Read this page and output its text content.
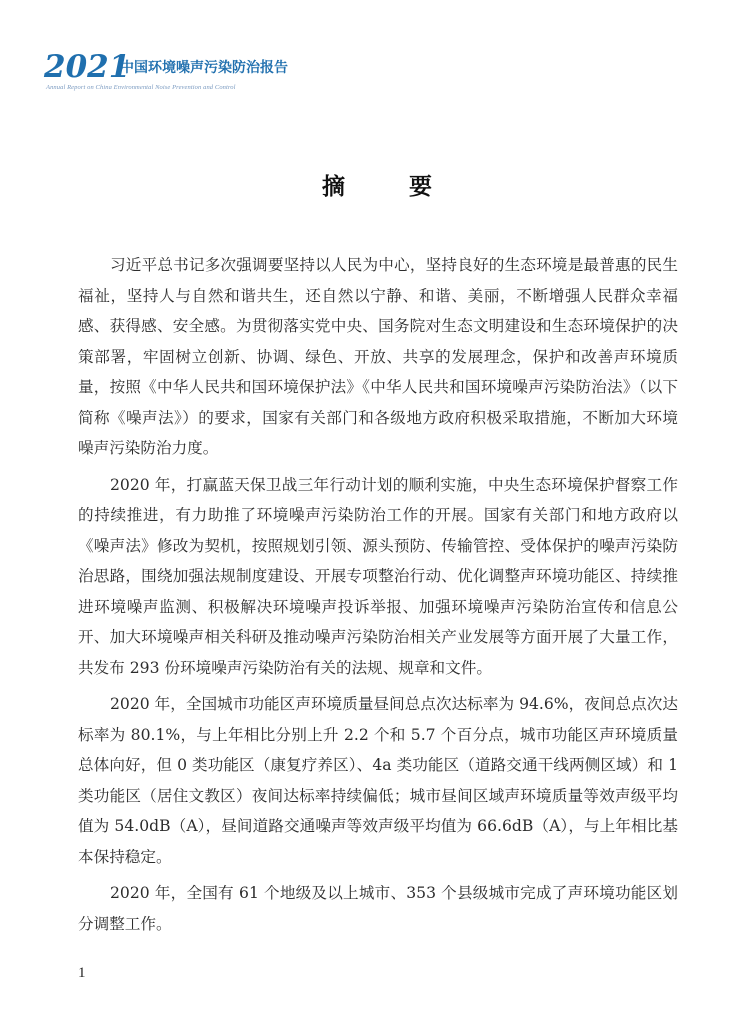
2021
中国环境噪声污染防治报告
Annual Report on China Environmental Noise Prevention and Control
摘 要

习近平总书记多次强调要坚持以人民为中心，坚持良好的生态环境是最普惠的民生福祉，坚持人与自然和谐共生，还自然以宁静、和谐、美丽，不断增强人民群众幸福感、获得感、安全感。为贯彻落实党中央、国务院对生态文明建设和生态环境保护的决策部署，牢固树立创新、协调、绿色、开放、共享的发展理念，保护和改善声环境质量，按照《中华人民共和国环境保护法》《中华人民共和国环境噪声污染防治法》（以下简称《噪声法》）的要求，国家有关部门和各级地方政府积极采取措施，不断加大环境噪声污染防治力度。

2020 年，打赢蓝天保卫战三年行动计划的顺利实施，中央生态环境保护督察工作的持续推进，有力助推了环境噪声污染防治工作的开展。国家有关部门和地方政府以《噪声法》修改为契机，按照规划引领、源头预防、传输管控、受体保护的噪声污染防治思路，围绕加强法规制度建设、开展专项整治行动、优化调整声环境功能区、持续推进环境噪声监测、积极解决环境噪声投诉举报、加强环境噪声污染防治宣传和信息公开、加大环境噪声相关科研及推动噪声污染防治相关产业发展等方面开展了大量工作，共发布 293 份环境噪声污染防治有关的法规、规章和文件。

2020 年，全国城市功能区声环境质量昼间总点次达标率为 94.6%，夜间总点次达标率为 80.1%，与上年相比分别上升 2.2 个和 5.7 个百分点，城市功能区声环境质量总体向好，但 0 类功能区（康复疗养区）、4a 类功能区（道路交通干线两侧区域）和 1 类功能区（居住文教区）夜间达标率持续偏低；城市昼间区域声环境质量等效声级平均值为 54.0dB（A），昼间道路交通噪声等效声级平均值为 66.6dB（A），与上年相比基本保持稳定。

2020 年，全国有 61 个地级及以上城市、353 个县级城市完成了声环境功能区划分调整工作。

1
